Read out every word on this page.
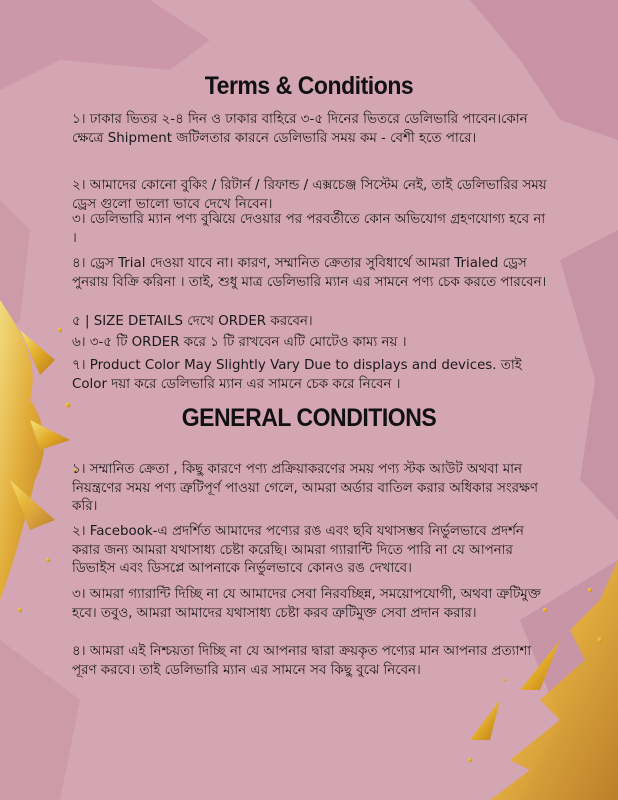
Terms & Conditions

১। ঢাকার ভিতর ২-৪ দিন ও ঢাকার বাহিরে ৩-৫ দিনের ভিতরে ডেলিভারি পাবেন।কোন ক্ষেত্রে Shipment জটিলতার কারনে ডেলিভারি সময় কম - বেশী হতে পারে।

২। আমাদের কোনো বুকিং / রিটার্ন / রিফান্ড / এক্সচেঞ্জ সিস্টেম নেই, তাই ডেলিভারির সময় ড্রেস গুলো ভালো ভাবে দেখে নিবেন।

৩। ডেলিভারি ম্যান পণ্য বুঝিয়ে দেওয়ার পর পরবর্তীতে কোন অভিযোগ গ্রহণযোগ্য হবে না ।

৪। ড্রেস Trial দেওয়া যাবে না। কারণ, সম্মানিত ক্রেতার সুবিধার্থে আমরা Trialed ড্রেস পুনরায় বিক্রি করিনা । তাই, শুধু মাত্র ডেলিভারি ম্যান এর সামনে পণ্য চেক করতে পারবেন।

৫ | SIZE DETAILS দেখে ORDER করবেন।

৬। ৩-৫ টি ORDER করে ১ টি রাখবেন এটি মোটেও কাম্য নয় ।

৭। Product Color May Slightly Vary Due to displays and devices. তাই Color দয়া করে ডেলিভারি ম্যান এর সামনে চেক করে নিবেন ।

GENERAL CONDITIONS

১। সম্মানিত ক্রেতা , কিছু কারণে পণ্য প্রক্রিয়াকরণের সময় পণ্য স্টক আউট অথবা মান নিয়ন্ত্রণের সময় পণ্য ত্রুটিপূর্ণ পাওয়া গেলে, আমরা অর্ডার বাতিল করার অধিকার সংরক্ষণ করি।

২। Facebook-এ প্রদর্শিত আমাদের পণ্যের রঙ এবং ছবি যথাসম্ভব নির্ভুলভাবে প্রদর্শন করার জন্য আমরা যথাসাধ্য চেষ্টা করেছি। আমরা গ্যারান্টি দিতে পারি না যে আপনার ডিভাইস এবং ডিসপ্লে আপনাকে নির্ভুলভাবে কোনও রঙ দেখাবে।

৩। আমরা গ্যারান্টি দিচ্ছি না যে আমাদের সেবা নিরবচ্ছিন্ন, সময়োপযোগী, অথবা ত্রুটিমুক্ত হবে। তবুও, আমরা আমাদের যথাসাধ্য চেষ্টা করব ত্রুটিমুক্ত সেবা প্রদান করার।

৪। আমরা এই নিশ্চয়তা দিচ্ছি না যে আপনার দ্বারা ক্রয়কৃত পণ্যের মান আপনার প্রত্যাশা পূরণ করবে। তাই ডেলিভারি ম্যান এর সামনে সব কিছু বুঝে নিবেন।
